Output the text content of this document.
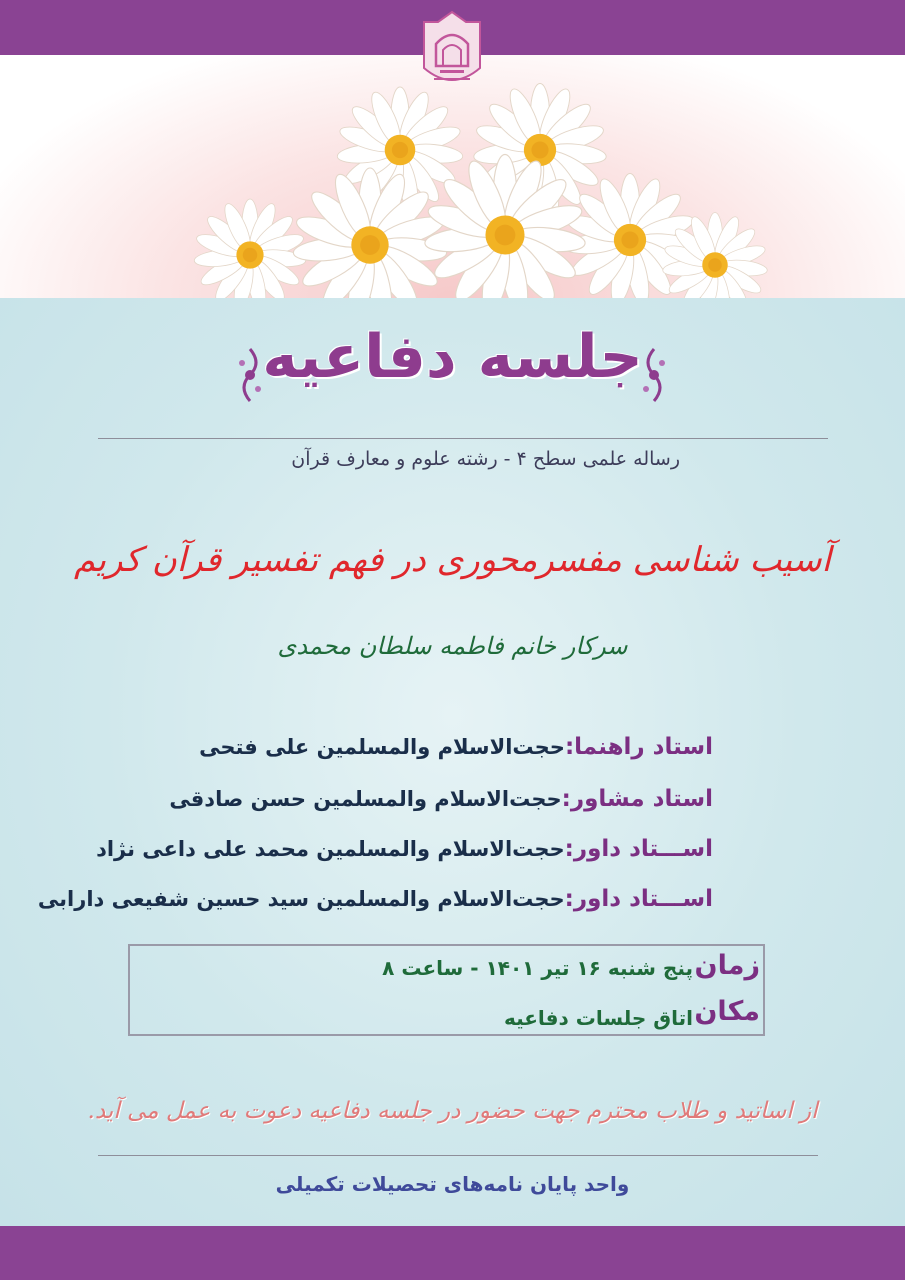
جلسه دفاعیه
رساله علمی سطح ۴ - رشته علوم و معارف قرآن
آسیب شناسی مفسرمحوری در فهم تفسیر قرآن کریم
سرکار خانم فاطمه سلطان محمدی
استاد راهنما:حجت‌الاسلام والمسلمین علی فتحی
استاد مشاور:حجت‌الاسلام والمسلمین حسن صادقی
اســـتاد داور:حجت‌الاسلام والمسلمین محمد علی داعی نژاد
اســـتاد داور:حجت‌الاسلام والمسلمین سید حسین شفیعی دارابی
زمان
پنج شنبه ۱۶ تیر ۱۴۰۱ - ساعت ۸
مکان
اتاق جلسات دفاعیه
از اساتید و طلاب محترم جهت حضور در جلسه دفاعیه دعوت به عمل می آید.
واحد پایان نامه‌های تحصیلات تکمیلی
